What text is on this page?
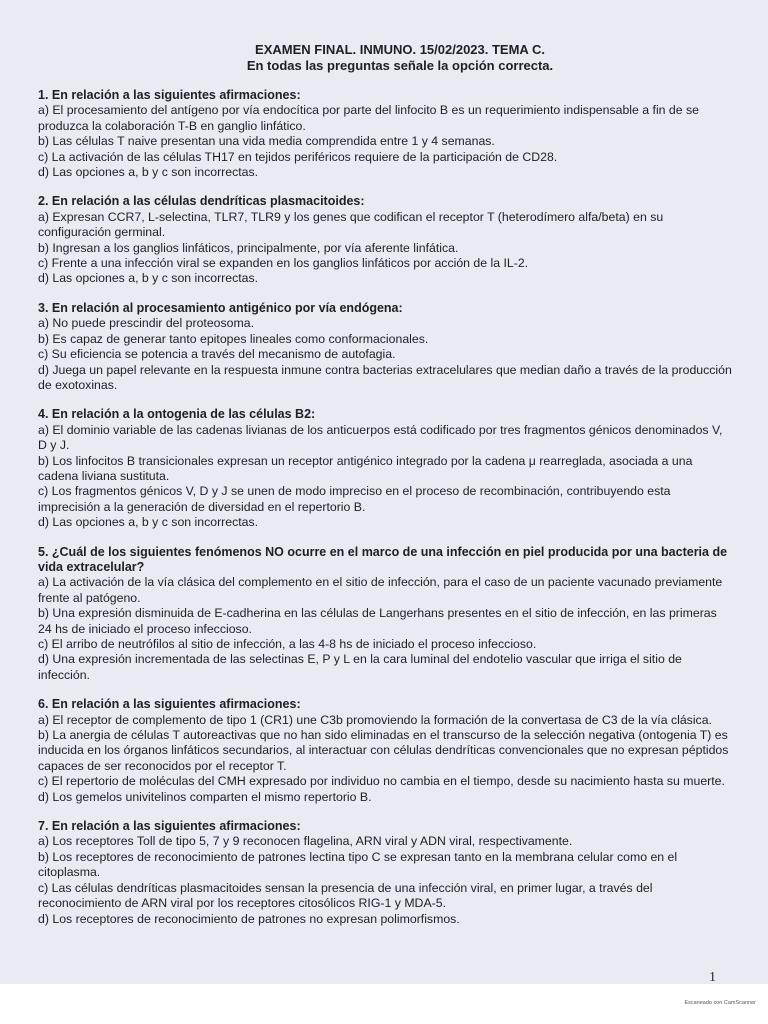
EXAMEN FINAL. INMUNO. 15/02/2023. TEMA C.
En todas las preguntas señale la opción correcta.
1. En relación a las siguientes afirmaciones:
a) El procesamiento del antígeno por vía endocítica por parte del linfocito B es un requerimiento indispensable a fin de se produzca la colaboración T-B en ganglio linfático.
b) Las células T naive presentan una vida media comprendida entre 1 y 4 semanas.
c) La activación de las células TH17 en tejidos periféricos requiere de la participación de CD28.
d) Las opciones a, b y c son incorrectas.
2. En relación a las células dendríticas plasmacitoides:
a) Expresan CCR7, L-selectina, TLR7, TLR9 y los genes que codifican el receptor T (heterodímero alfa/beta) en su configuración germinal.
b) Ingresan a los ganglios linfáticos, principalmente, por vía aferente linfática.
c) Frente a una infección viral se expanden en los ganglios linfáticos por acción de la IL-2.
d) Las opciones a, b y c son incorrectas.
3. En relación al procesamiento antigénico por vía endógena:
a) No puede prescindir del proteosoma.
b) Es capaz de generar tanto epitopes lineales como conformacionales.
c) Su eficiencia se potencia a través del mecanismo de autofagia.
d) Juega un papel relevante en la respuesta inmune contra bacterias extracelulares que median daño a través de la producción de exotoxinas.
4. En relación a la ontogenia de las células B2:
a) El dominio variable de las cadenas livianas de los anticuerpos está codificado por tres fragmentos génicos denominados V, D y J.
b) Los linfocitos B transicionales expresan un receptor antigénico integrado por la cadena μ rearreglada, asociada a una cadena liviana sustituta.
c) Los fragmentos génicos V, D y J se unen de modo impreciso en el proceso de recombinación, contribuyendo esta imprecisión a la generación de diversidad en el repertorio B.
d) Las opciones a, b y c son incorrectas.
5. ¿Cuál de los siguientes fenómenos NO ocurre en el marco de una infección en piel producida por una bacteria de vida extracelular?
a) La activación de la vía clásica del complemento en el sitio de infección, para el caso de un paciente vacunado previamente frente al patógeno.
b) Una expresión disminuida de E-cadherina en las células de Langerhans presentes en el sitio de infección, en las primeras 24 hs de iniciado el proceso infeccioso.
c) El arribo de neutrófilos al sitio de infección, a las 4-8 hs de iniciado el proceso infeccioso.
d) Una expresión incrementada de las selectinas E, P y L en la cara luminal del endotelio vascular que irriga el sitio de infección.
6. En relación a las siguientes afirmaciones:
a) El receptor de complemento de tipo 1 (CR1) une C3b promoviendo la formación de la convertasa de C3 de la vía clásica.
b) La anergia de células T autoreactivas que no han sido eliminadas en el transcurso de la selección negativa (ontogenia T) es inducida en los órganos linfáticos secundarios, al interactuar con células dendríticas convencionales que no expresan péptidos capaces de ser reconocidos por el receptor T.
c) El repertorio de moléculas del CMH expresado por individuo no cambia en el tiempo, desde su nacimiento hasta su muerte.
d) Los gemelos univitelinos comparten el mismo repertorio B.
7. En relación a las siguientes afirmaciones:
a) Los receptores Toll de tipo 5, 7 y 9 reconocen flagelina, ARN viral y ADN viral, respectivamente.
b) Los receptores de reconocimiento de patrones lectina tipo C se expresan tanto en la membrana celular como en el citoplasma.
c) Las células dendríticas plasmacitoides sensan la presencia de una infección viral, en primer lugar, a través del reconocimiento de ARN viral por los receptores citosólicos RIG-1 y MDA-5.
d) Los receptores de reconocimiento de patrones no expresan polimorfismos.
1
Escaneado con CamScanner
